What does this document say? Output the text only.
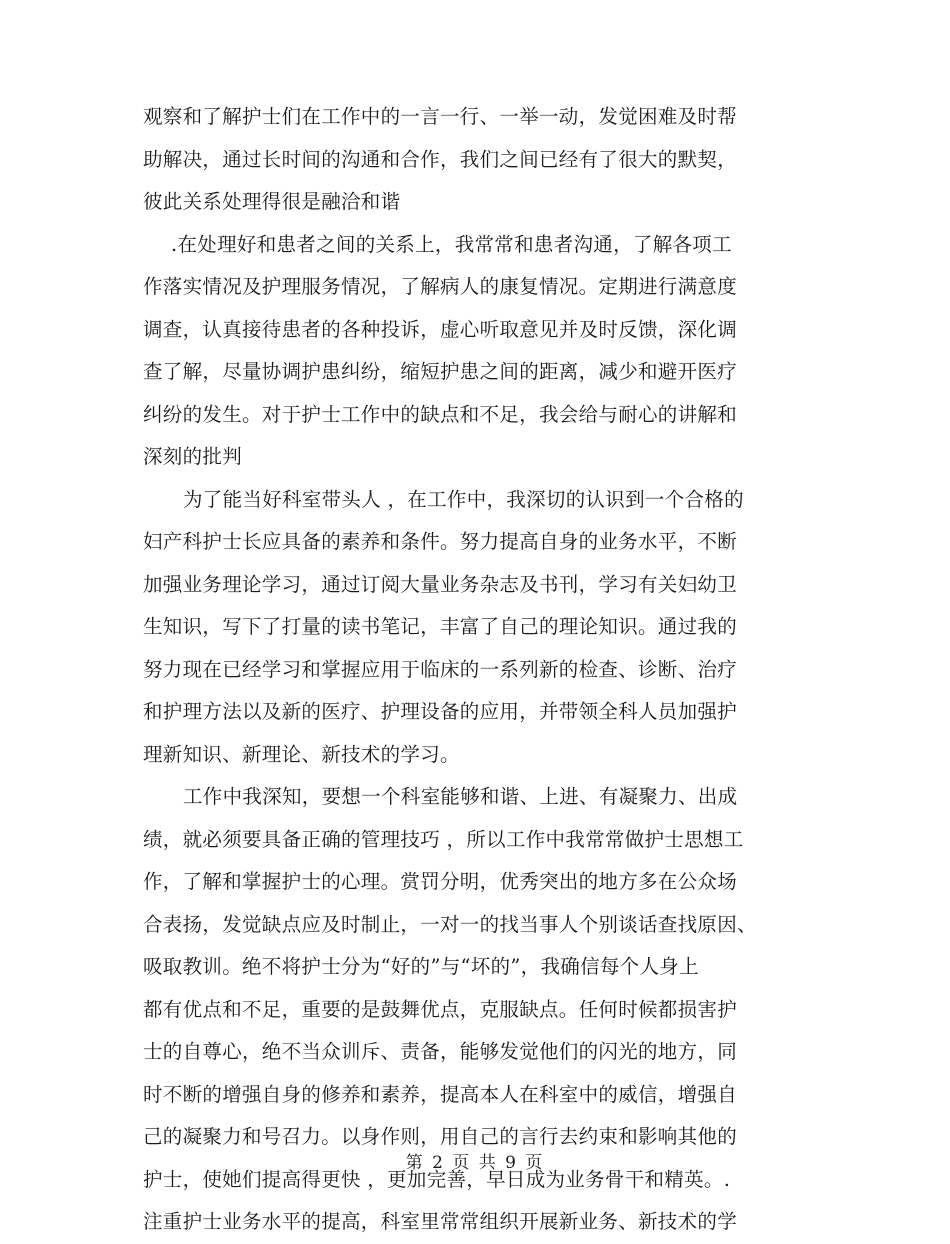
观察和了解护士们在工作中的一言一行、一举一动，发觉困难及时帮
助解决，通过长时间的沟通和合作，我们之间已经有了很大的默契，
彼此关系处理得很是融洽和谐
.在处理好和患者之间的关系上，我常常和患者沟通，了解各项工
作落实情况及护理服务情况，了解病人的康复情况。定期进行满意度
调查，认真接待患者的各种投诉，虚心听取意见并及时反馈，深化调
查了解，尽量协调护患纠纷，缩短护患之间的距离，减少和避开医疗
纠纷的发生。对于护士工作中的缺点和不足，我会给与耐心的讲解和
深刻的批判
为了能当好科室带头人 ，在工作中，我深切的认识到一个合格的
妇产科护士长应具备的素养和条件。努力提高自身的业务水平，不断
加强业务理论学习，通过订阅大量业务杂志及书刊，学习有关妇幼卫
生知识，写下了打量的读书笔记，丰富了自己的理论知识。通过我的
努力现在已经学习和掌握应用于临床的一系列新的检查、诊断、治疗
和护理方法以及新的医疗、护理设备的应用，并带领全科人员加强护
理新知识、新理论、新技术的学习。
工作中我深知，要想一个科室能够和谐、上进、有凝聚力、出成
绩，就必须要具备正确的管理技巧 ，所以工作中我常常做护士思想工
作，了解和掌握护士的心理。赏罚分明，优秀突出的地方多在公众场
合表扬，发觉缺点应及时制止，一对一的找当事人个别谈话查找原因、
吸取教训。绝不将护士分为“好的”与“坏的”，我确信每个人身上
都有优点和不足，重要的是鼓舞优点，克服缺点。任何时候都损害护
士的自尊心，绝不当众训斥、责备，能够发觉他们的闪光的地方，同
时不断的增强自身的修养和素养，提高本人在科室中的威信，增强自
己的凝聚力和号召力。以身作则，用自己的言行去约束和影响其他的
护士，使她们提高得更快 ，更加完善，早日成为业务骨干和精英。.
注重护士业务水平的提高，科室里常常组织开展新业务、新技术的学
第 2 页 共 9 页
